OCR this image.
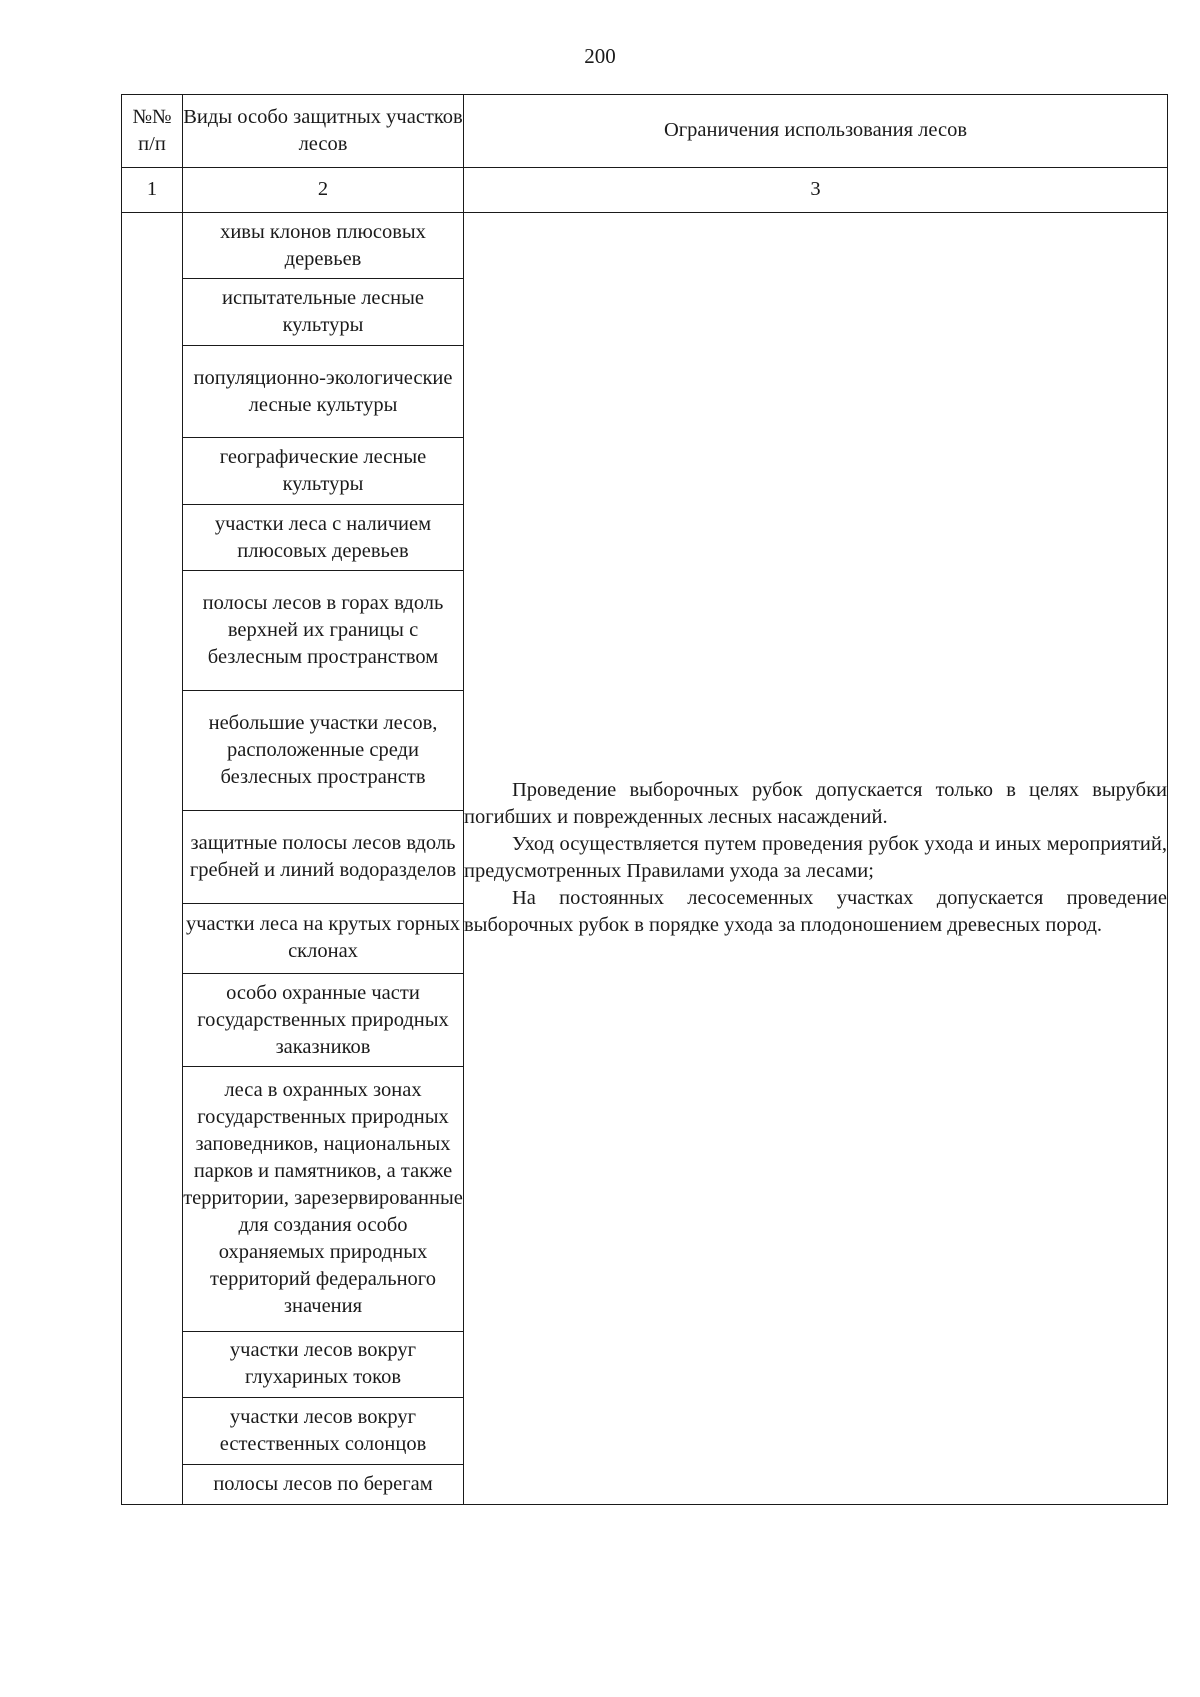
200
№№
п/п	Виды особо защитных участков лесов	Ограничения использования лесов
1	2	3
	хивы клонов плюсовых деревьев	Проведение выборочных рубок допускается только в целях вырубки погибших и поврежденных лесных насаждений.

Уход осуществляется путем проведения рубок ухода и иных мероприятий, предусмотренных Правилами ухода за лесами;

На постоянных лесосеменных участках допускается проведение выборочных рубок в порядке ухода за плодоношением древесных пород.

	испытательные лесные культуры	
	популяционно-экологические лесные культуры	
	географические лесные культуры	
	участки леса с наличием плюсовых деревьев	
	полосы лесов в горах вдоль верхней их границы с безлесным пространством	
	небольшие участки лесов, расположенные среди безлесных пространств	
	защитные полосы лесов вдоль гребней и линий водоразделов	
	участки леса на крутых горных склонах	
	особо охранные части государственных природных заказников	
	леса в охранных зонах государственных природных заповедников, национальных парков и памятников, а также территории, зарезервированные для создания особо охраняемых природных территорий федерального значения	
	участки лесов вокруг глухариных токов	
	участки лесов вокруг естественных солонцов	
	полосы лесов по берегам	
